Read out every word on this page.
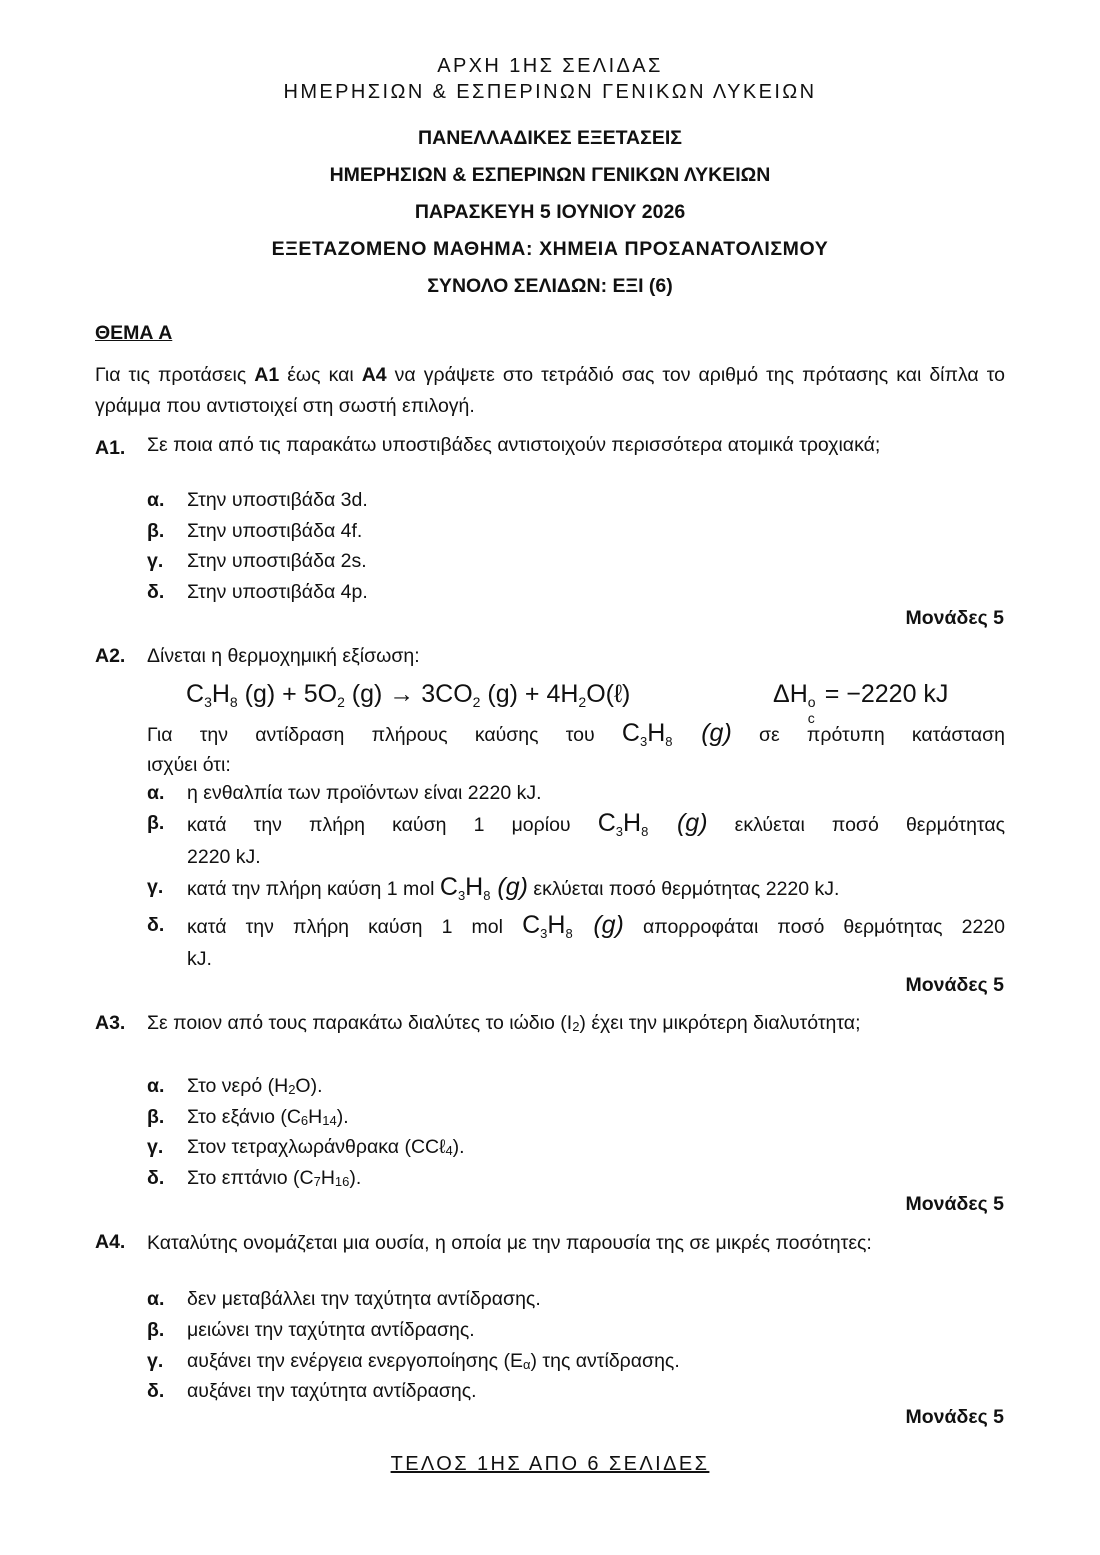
ΑΡΧΗ 1ΗΣ ΣΕΛΙΔΑΣ
ΗΜΕΡΗΣΙΩΝ & ΕΣΠΕΡΙΝΩΝ ΓΕΝΙΚΩΝ ΛΥΚΕΙΩΝ
ΠΑΝΕΛΛΑΔΙΚΕΣ ΕΞΕΤΑΣΕΙΣ
ΗΜΕΡΗΣΙΩΝ & ΕΣΠΕΡΙΝΩΝ ΓΕΝΙΚΩΝ ΛΥΚΕΙΩΝ
ΠΑΡΑΣΚΕΥΗ 5 ΙΟΥΝΙΟΥ 2026
ΕΞΕΤΑΖΟΜΕΝΟ ΜΑΘΗΜΑ: ΧΗΜΕΙΑ ΠΡΟΣΑΝΑΤΟΛΙΣΜΟΥ
ΣΥΝΟΛΟ ΣΕΛΙΔΩΝ: ΕΞΙ (6)
ΘΕΜΑ Α
Για τις προτάσεις Α1 έως και Α4 να γράψετε στο τετράδιό σας τον αριθμό της πρότασης και δίπλα το γράμμα που αντιστοιχεί στη σωστή επιλογή.
Α1. Σε ποια από τις παρακάτω υποστιβάδες αντιστοιχούν περισσότερα ατομικά τροχιακά;
α. Στην υποστιβάδα 3d.
β. Στην υποστιβάδα 4f.
γ. Στην υποστιβάδα 2s.
δ. Στην υποστιβάδα 4p.
Μονάδες 5
Α2. Δίνεται η θερμοχημική εξίσωση:
$C_3H_8$ $(g) + 5O_2$ $(g) \to 3CO_2$ $(g) + 4H_2O(\ell)$	ΔH o
c
= −2220 kJ
Για την αντίδραση πλήρους καύσης του $C_3H_8$ (g) σε πρότυπη κατάσταση
ισχύει ότι:
α. η ενθαλπία των προϊόντων είναι 2220 kJ.
β. κατά την πλήρη καύση 1 μορίου $C_3H_8$ (g) εκλύεται ποσό θερμότητας
2220 kJ.
γ. κατά την πλήρη καύση 1 mol $C_3H_8$ (g) εκλύεται ποσό θερμότητας 2220 kJ.
δ. κατά την πλήρη καύση 1 mol $C_3H_8$ (g) απορροφάται ποσό θερμότητας 2220
kJ.
Μονάδες 5
Α3. Σε ποιον από τους παρακάτω διαλύτες το ιώδιο (I2) έχει την μικρότερη διαλυτότητα;
α. Στο νερό (H2O).
β. Στο εξάνιο (C6H14).
γ. Στον τετραχλωράνθρακα (CCℓ4).
δ. Στο επτάνιο (C7H16).
Μονάδες 5
Α4. Καταλύτης ονομάζεται μια ουσία, η οποία με την παρουσία της σε μικρές ποσότητες:
α. δεν μεταβάλλει την ταχύτητα αντίδρασης.
β. μειώνει την ταχύτητα αντίδρασης.
γ. αυξάνει την ενέργεια ενεργοποίησης (Eα) της αντίδρασης.
δ. αυξάνει την ταχύτητα αντίδρασης.
Μονάδες 5
ΤΕΛΟΣ 1ΗΣ ΑΠΟ 6 ΣΕΛΙΔΕΣ
